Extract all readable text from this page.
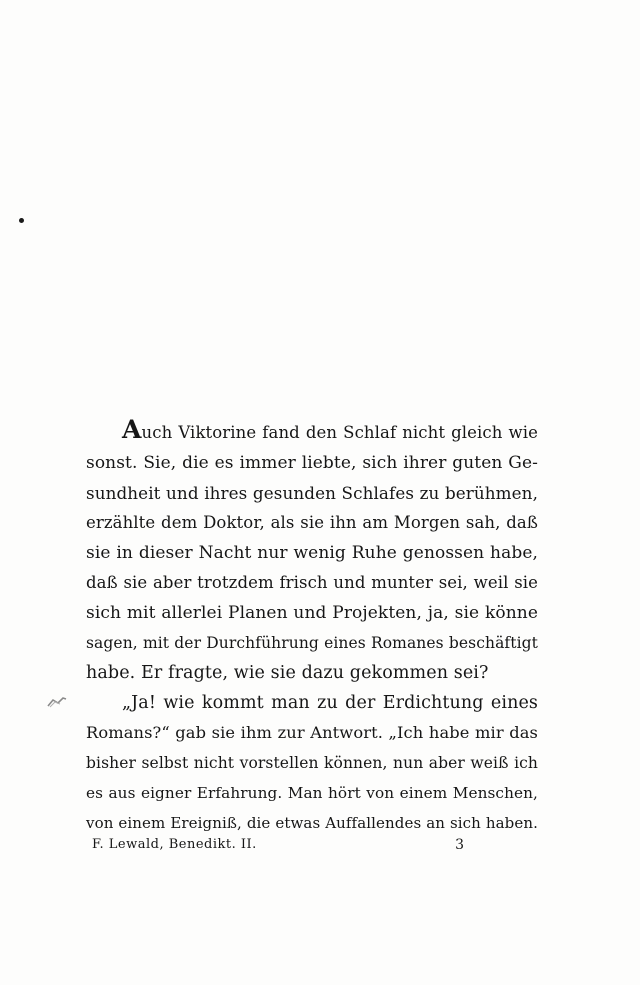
Auch Viktorine fand den Schlaf nicht gleich wie
sonst. Sie, die es immer liebte, sich ihrer guten Ge-
sundheit und ihres gesunden Schlafes zu berühmen,
erzählte dem Doktor, als sie ihn am Morgen sah, daß
sie in dieser Nacht nur wenig Ruhe genossen habe,
daß sie aber trotzdem frisch und munter sei, weil sie
sich mit allerlei Planen und Projekten, ja, sie könne
sagen, mit der Durchführung eines Romanes beschäftigt
habe. Er fragte, wie sie dazu gekommen sei?
„Ja! wie kommt man zu der Erdichtung eines
Romans?“ gab sie ihm zur Antwort. „Ich habe mir das
bisher selbst nicht vorstellen können, nun aber weiß ich
es aus eigner Erfahrung. Man hört von einem Menschen,
von einem Ereigniß, die etwas Auffallendes an sich haben.
F. Lewald, Benedikt. II.	3
